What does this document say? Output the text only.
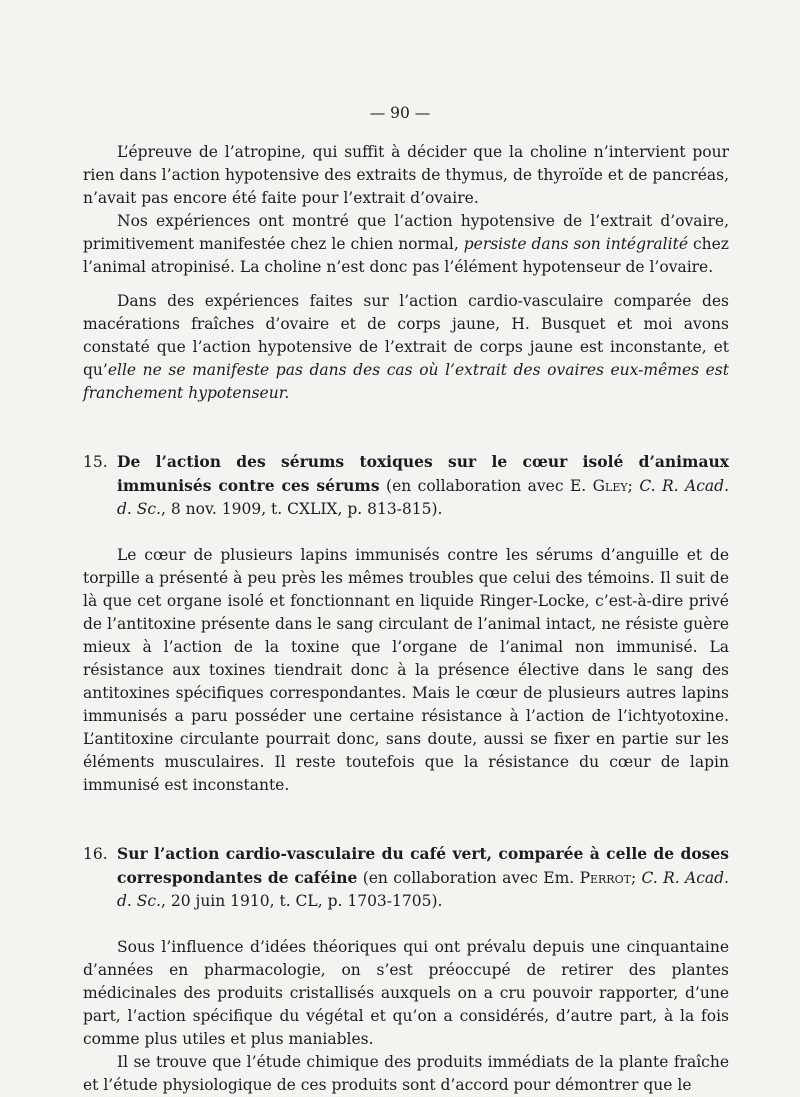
— 90 —

L’épreuve de l’atropine, qui suffit à décider que la choline n’intervient pour rien dans l’action hypotensive des extraits de thymus, de thyroïde et de pancréas, n’avait pas encore été faite pour l’extrait d’ovaire.

Nos expériences ont montré que l’action hypotensive de l’extrait d’ovaire, primitivement manifestée chez le chien normal, persiste dans son intégralité chez l’animal atropinisé. La choline n’est donc pas l’élément hypotenseur de l’ovaire.

Dans des expériences faites sur l’action cardio-vasculaire comparée des macérations fraîches d’ovaire et de corps jaune, H. Busquet et moi avons constaté que l’action hypotensive de l’extrait de corps jaune est inconstante, et qu’elle ne se manifeste pas dans des cas où l’extrait des ovaires eux-mêmes est franchement hypotenseur.

15. De l’action des sérums toxiques sur le cœur isolé d’animaux immunisés contre ces sérums (en collaboration avec E. Gley; C. R. Acad. d. Sc., 8 nov. 1909, t. CXLIX, p. 813-815).

Le cœur de plusieurs lapins immunisés contre les sérums d’anguille et de torpille a présenté à peu près les mêmes troubles que celui des témoins. Il suit de là que cet organe isolé et fonctionnant en liquide Ringer-Locke, c’est-à-dire privé de l’antitoxine présente dans le sang circulant de l’animal intact, ne résiste guère mieux à l’action de la toxine que l’organe de l’animal non immunisé. La résistance aux toxines tiendrait donc à la présence élective dans le sang des antitoxines spécifiques correspondantes. Mais le cœur de plusieurs autres lapins immunisés a paru posséder une certaine résistance à l’action de l’ichtyotoxine. L’antitoxine circulante pourrait donc, sans doute, aussi se fixer en partie sur les éléments musculaires. Il reste toutefois que la résistance du cœur de lapin immunisé est inconstante.

16. Sur l’action cardio-vasculaire du café vert, comparée à celle de doses correspondantes de caféine (en collaboration avec Em. Perrot; C. R. Acad. d. Sc., 20 juin 1910, t. CL, p. 1703-1705).

Sous l’influence d’idées théoriques qui ont prévalu depuis une cinquantaine d’années en pharmacologie, on s’est préoccupé de retirer des plantes médicinales des produits cristallisés auxquels on a cru pouvoir rapporter, d’une part, l’action spécifique du végétal et qu’on a considérés, d’autre part, à la fois comme plus utiles et plus maniables.

Il se trouve que l’étude chimique des produits immédiats de la plante fraîche et l’étude physiologique de ces produits sont d’accord pour démontrer que le
